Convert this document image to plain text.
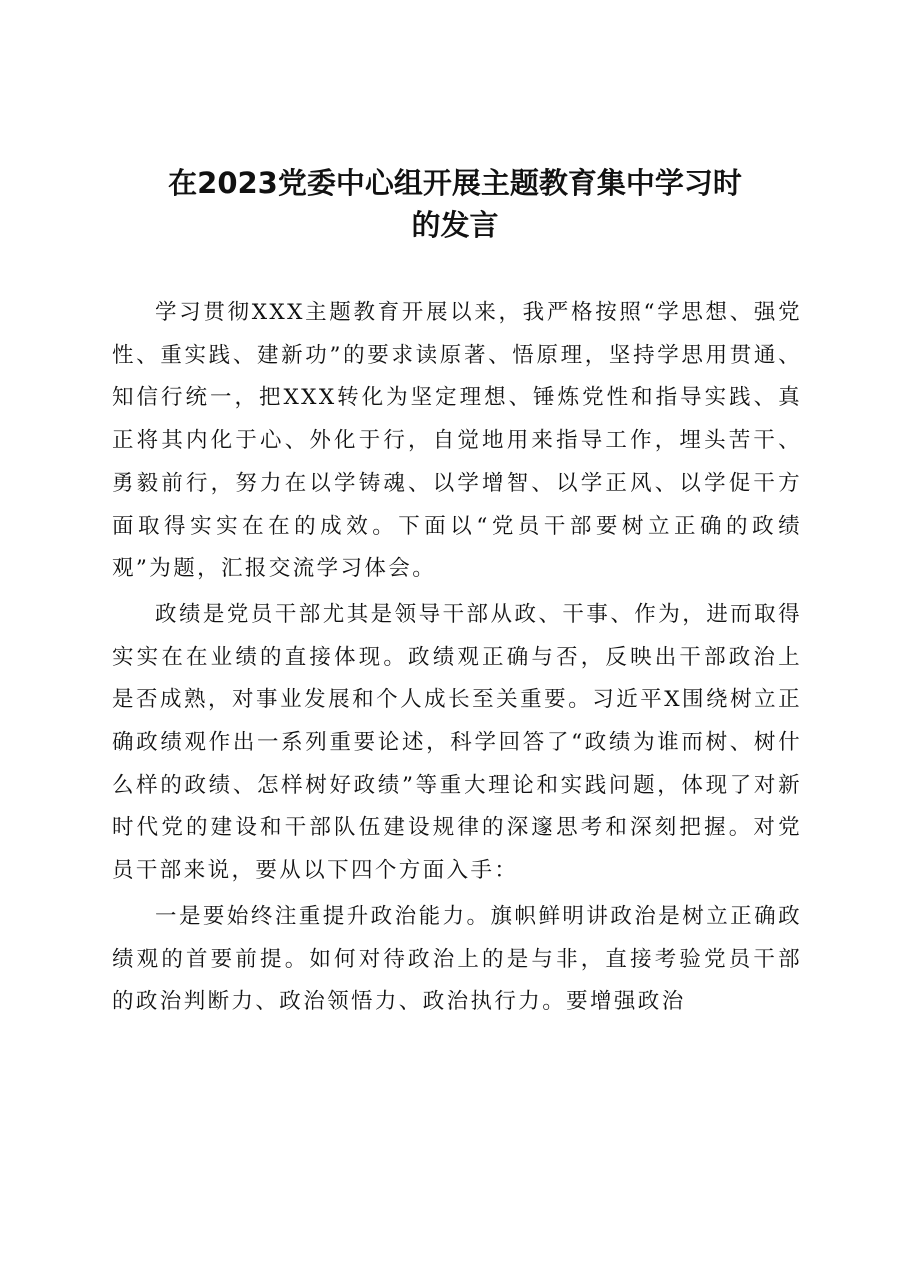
在2023党委中心组开展主题教育集中学习时
的发言

学习贯彻XXX主题教育开展以来，我严格按照“学思想、强党性、重实践、建新功”的要求读原著、悟原理，坚持学思用贯通、知信行统一，把XXX转化为坚定理想、锤炼党性和指导实践、真正将其内化于心、外化于行，自觉地用来指导工作，埋头苦干、勇毅前行，努力在以学铸魂、以学增智、以学正风、以学促干方面取得实实在在的成效。下面以“党员干部要树立正确的政绩观”为题，汇报交流学习体会。

政绩是党员干部尤其是领导干部从政、干事、作为，进而取得实实在在业绩的直接体现。政绩观正确与否，反映出干部政治上是否成熟，对事业发展和个人成长至关重要。习近平X围绕树立正确政绩观作出一系列重要论述，科学回答了“政绩为谁而树、树什么样的政绩、怎样树好政绩”等重大理论和实践问题，体现了对新时代党的建设和干部队伍建设规律的深邃思考和深刻把握。对党员干部来说，要从以下四个方面入手：

一是要始终注重提升政治能力。旗帜鲜明讲政治是树立正确政绩观的首要前提。如何对待政治上的是与非，直接考验党员干部的政治判断力、政治领悟力、政治执行力。要增强政治
